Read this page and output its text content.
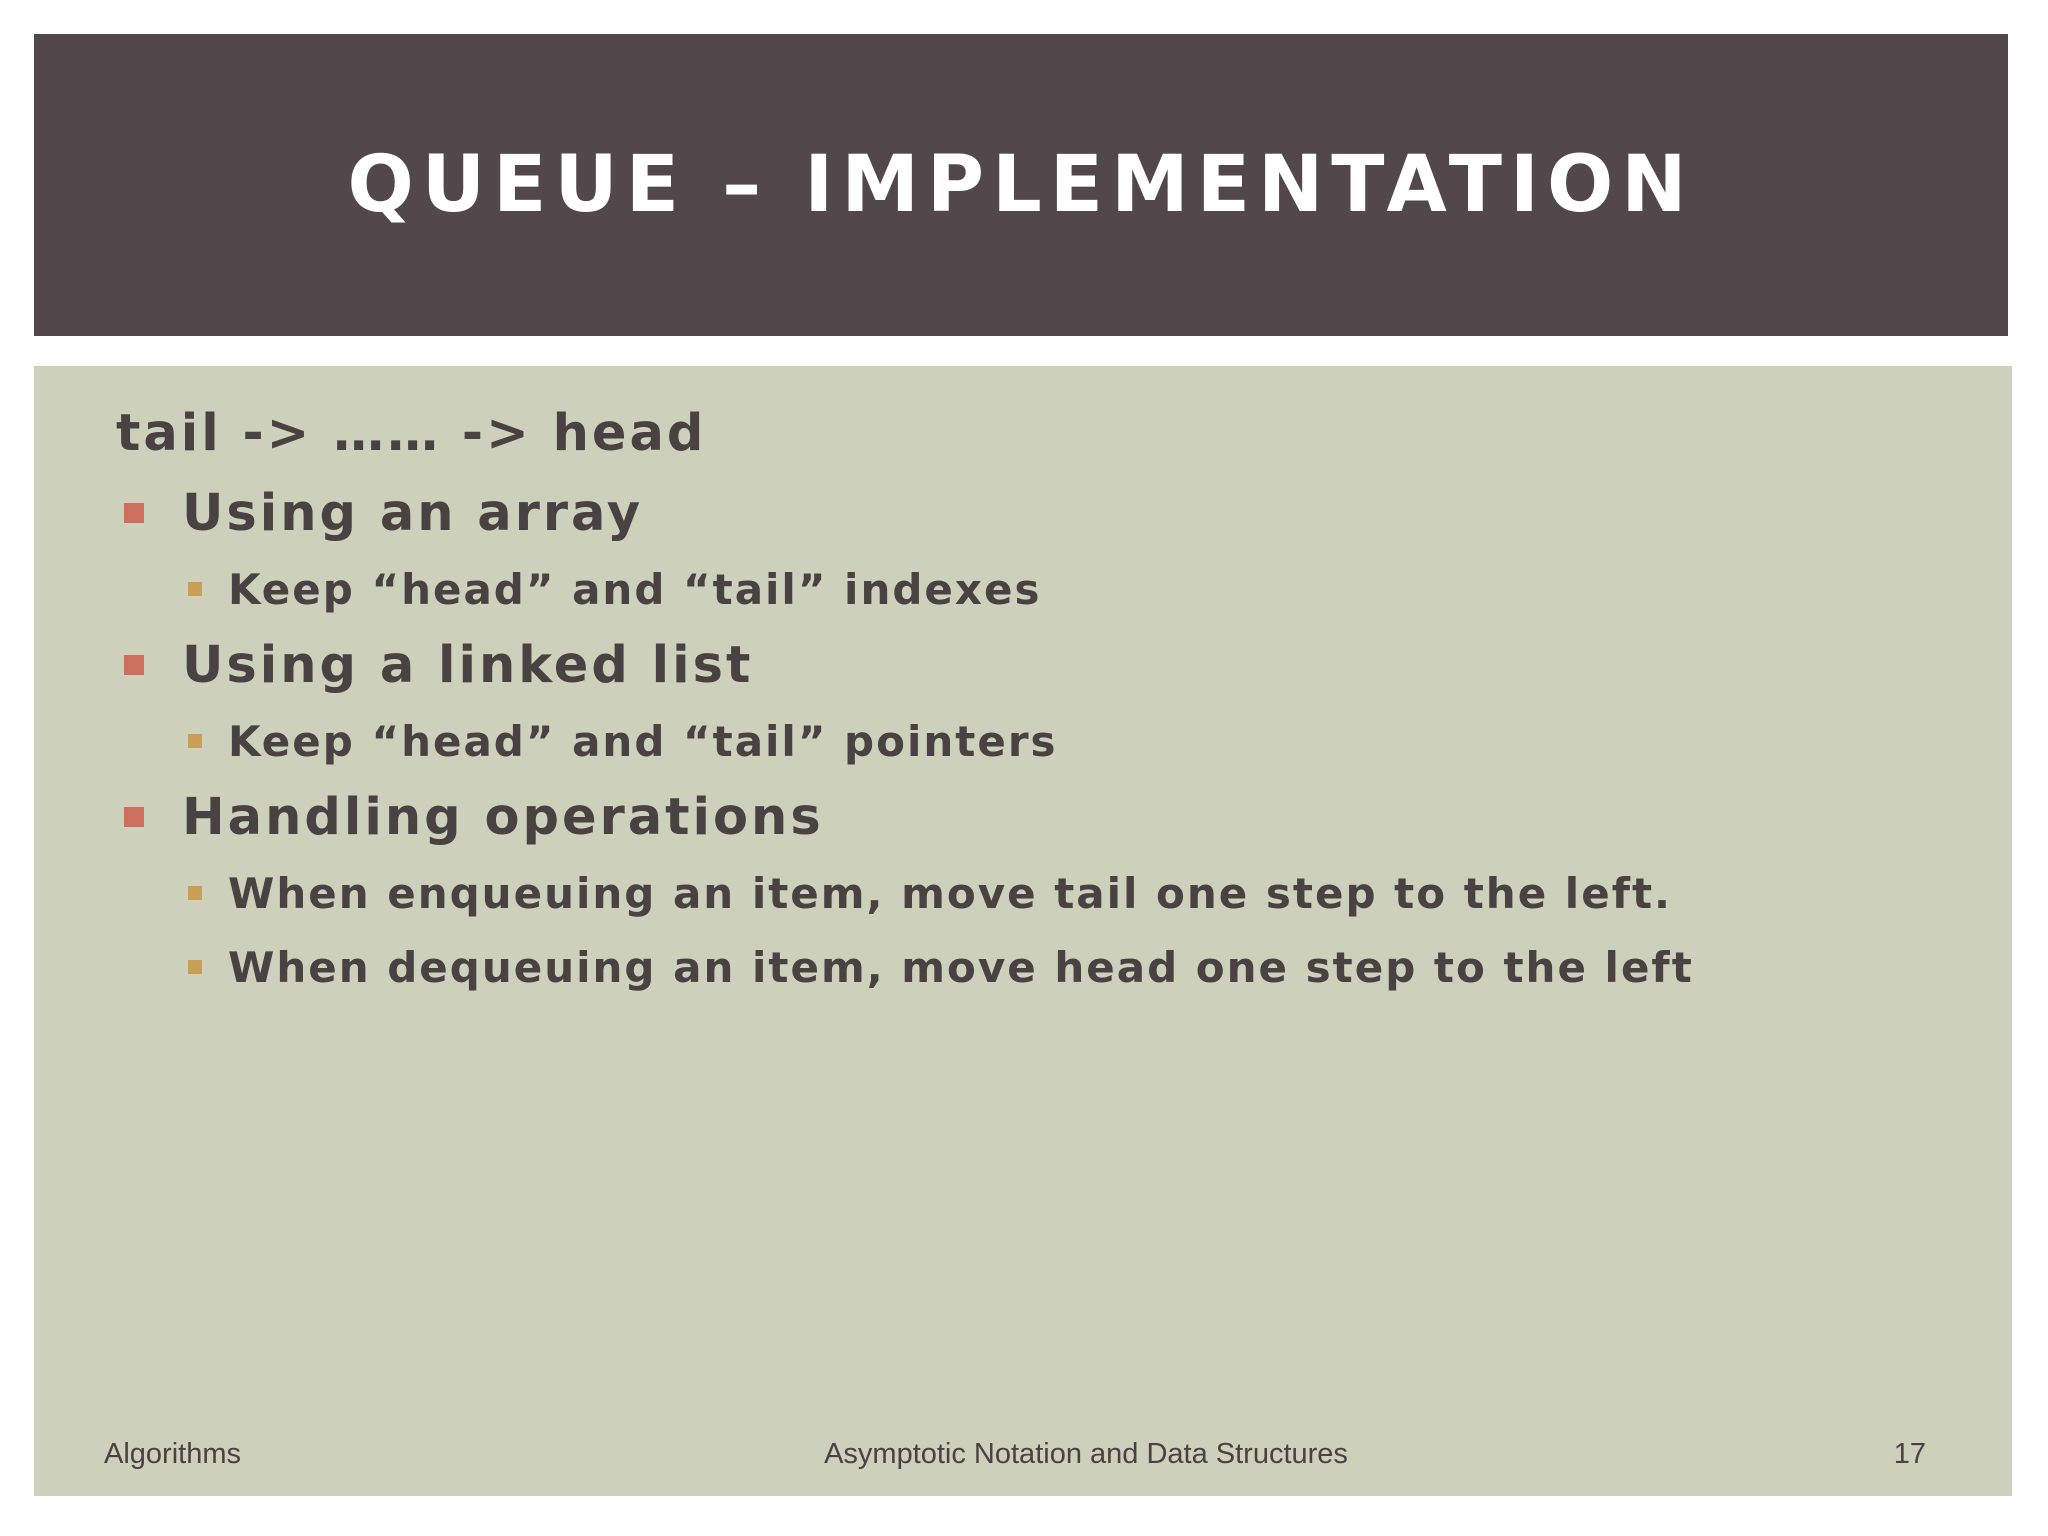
QUEUE – IMPLEMENTATION
tail -> …… -> head
Using an array
Keep “head” and “tail” indexes
Using a linked list
Keep “head” and “tail” pointers
Handling operations
When enqueuing an item, move tail one step to the left.
When dequeuing an item, move head one step to the left
Algorithms	Asymptotic Notation and Data Structures	17
